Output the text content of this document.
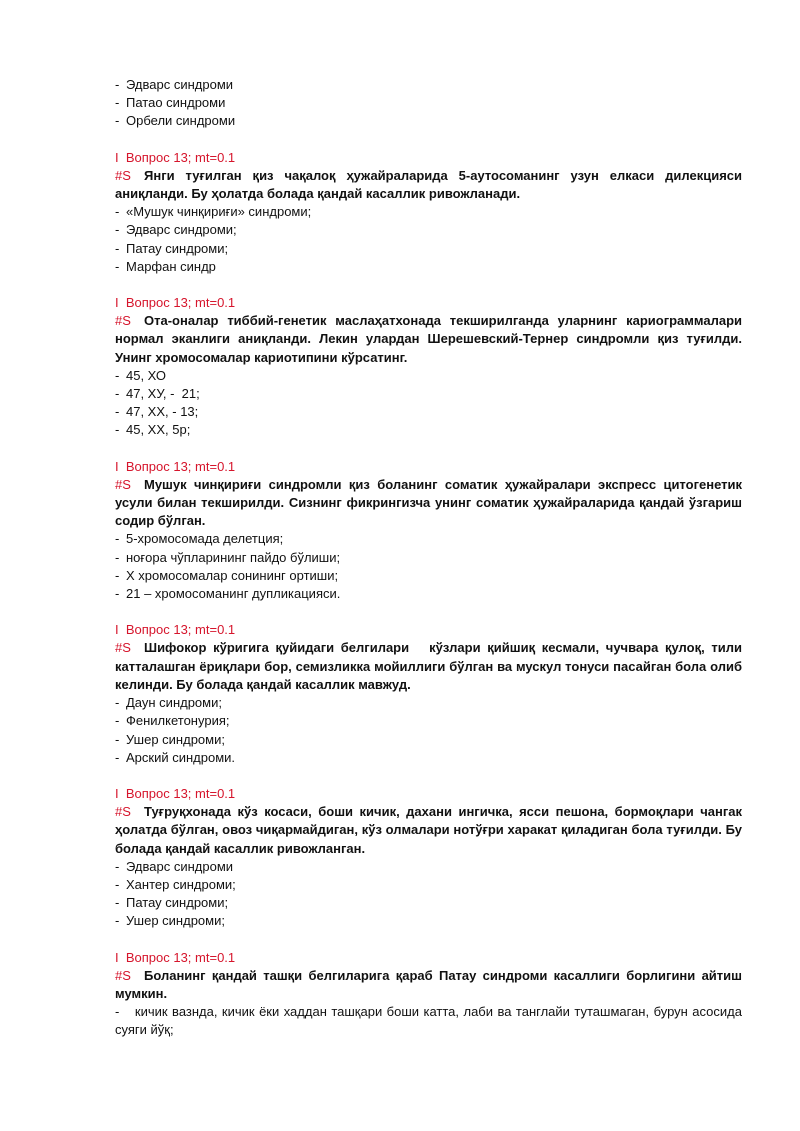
- Эдварс синдроми
- Патао синдроми
- Орбели синдроми

I  Вопрос 13; mt=0.1

#S Янги туғилган қиз чақалоқ ҳужайраларида 5-аутосоманинг узун елкаси дилекцияси аниқланди. Бу ҳолатда болада қандай касаллик ривожланади.

- «Мушук чинқириғи» синдроми;
- Эдварс синдроми;
- Патау синдроми;
- Марфан синдр

I  Вопрос 13; mt=0.1

#S Ота-оналар тиббий-генетик маслаҳатхонада текширилганда уларнинг кариограммалари нормал эканлиги аниқланди. Лекин улардан Шерешевский-Тернер синдромли қиз туғилди. Унинг хромосомалар кариотипини кўрсатинг.

- 45, ХО
- 47, ХУ, -  21;
- 47, ХХ, - 13;
- 45, ХХ, 5р;

I  Вопрос 13; mt=0.1

#S Мушук чинқириғи синдромли қиз боланинг соматик ҳужайралари экспресс цитогенетик усули билан текширилди. Сизнинг фикрингизча унинг соматик ҳужайраларида қандай ўзгариш содир бўлган.

- 5-хромосомада делетция;
- ноғора чўпларининг пайдо бўлиши;
- Х хромосомалар сонининг ортиши;
- 21 – хромосоманинг дупликацияси.

I  Вопрос 13; mt=0.1

#S Шифокор кўригига қуйидаги белгилари   кўзлари қийшиқ кесмали, чучвара қулоқ, тили катталашган ёриқлари бор, семизликка мойиллиги бўлган ва мускул тонуси пасайган бола олиб келинди. Бу болада қандай касаллик мавжуд.

- Даун синдроми;
- Фенилкетонурия;
- Ушер синдроми;
- Арский синдроми.

I  Вопрос 13; mt=0.1

#S Туғруқхонада кўз косаси, боши кичик, дахани ингичка, ясси пешона, бормоқлари чангак ҳолатда бўлган, овоз чиқармайдиган, кўз олмалари нотўғри харакат қиладиган бола туғилди. Бу болада қандай касаллик ривожланган.

- Эдварс синдроми
- Хантер синдроми;
- Патау синдроми;
- Ушер синдроми;

I  Вопрос 13; mt=0.1

#S Боланинг қандай ташқи белгиларига қараб Патау синдроми касаллиги борлигини айтиш мумкин.

-  кичик вазнда, кичик ёки хаддан ташқари боши катта, лаби ва танглайи туташмаган, бурун асосида суяги йўқ;
